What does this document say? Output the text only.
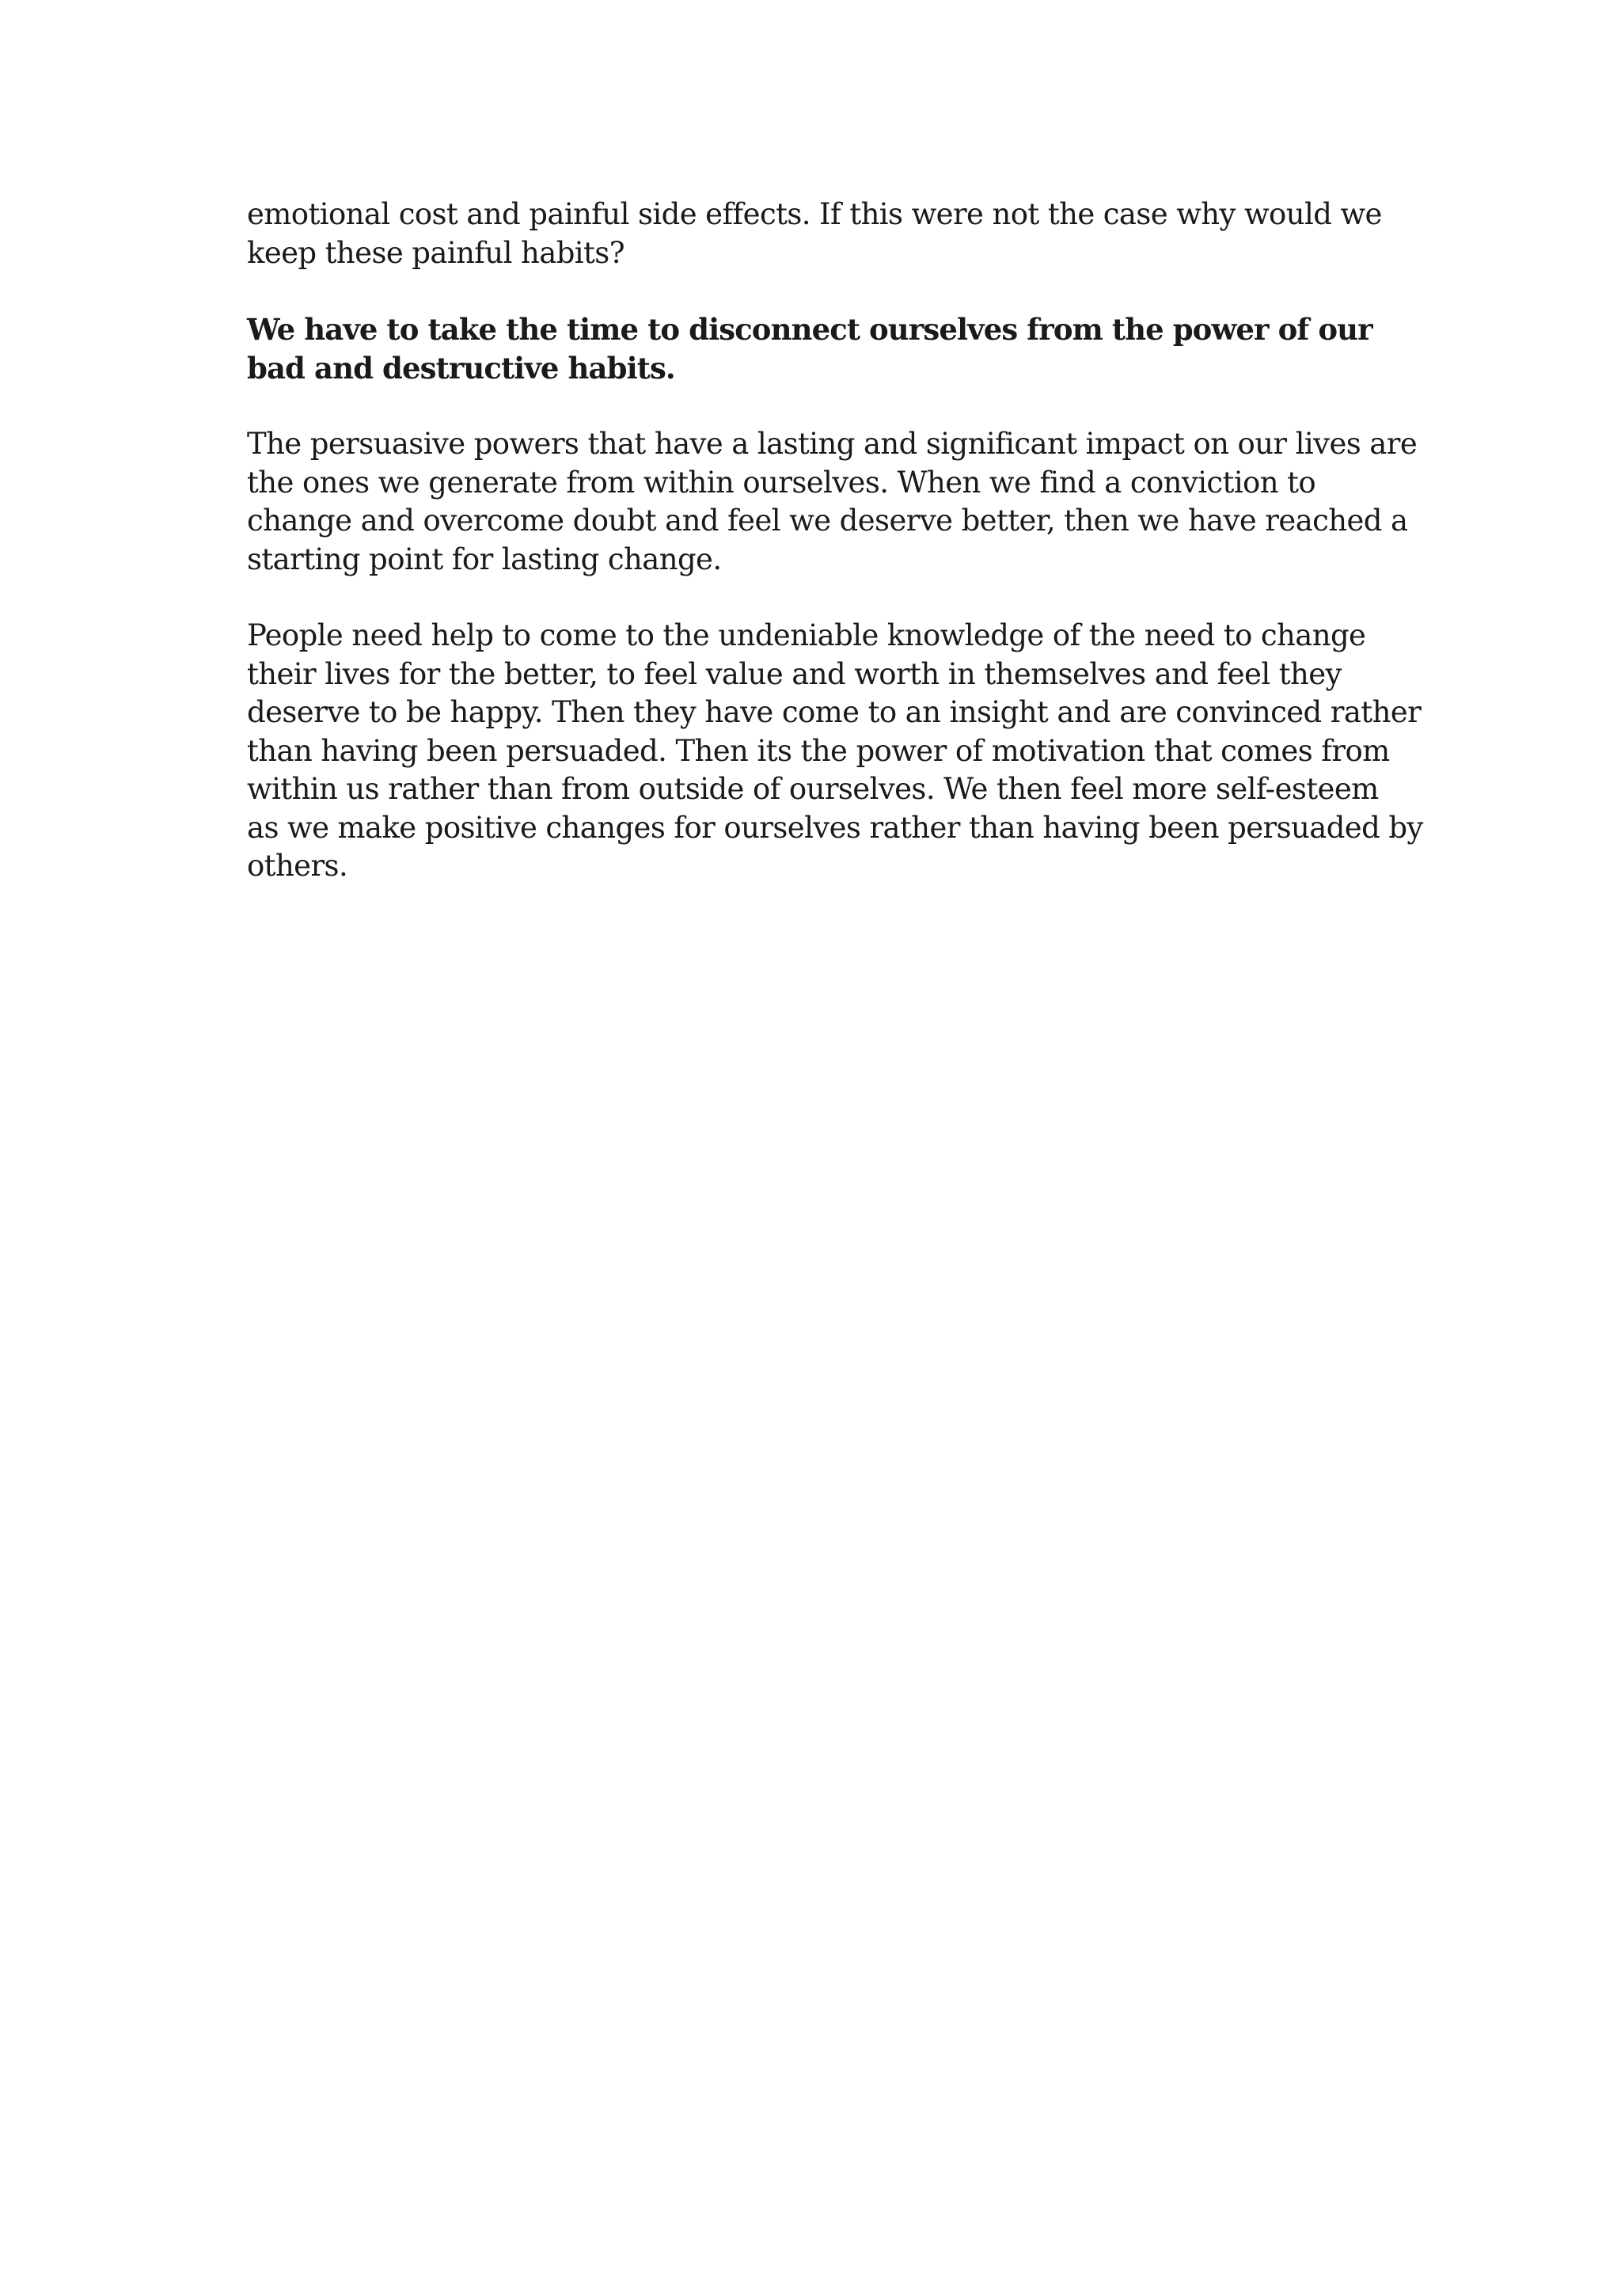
emotional cost and painful side effects. If this were not the case why would we
keep these painful habits?

We have to take the time to disconnect ourselves from the power of our
bad and destructive habits.

The persuasive powers that have a lasting and significant impact on our lives are
the ones we generate from within ourselves. When we find a conviction to
change and overcome doubt and feel we deserve better, then we have reached a
starting point for lasting change.

People need help to come to the undeniable knowledge of the need to change
their lives for the better, to feel value and worth in themselves and feel they
deserve to be happy. Then they have come to an insight and are convinced rather
than having been persuaded. Then its the power of motivation that comes from
within us rather than from outside of ourselves. We then feel more self-esteem
as we make positive changes for ourselves rather than having been persuaded by
others.
